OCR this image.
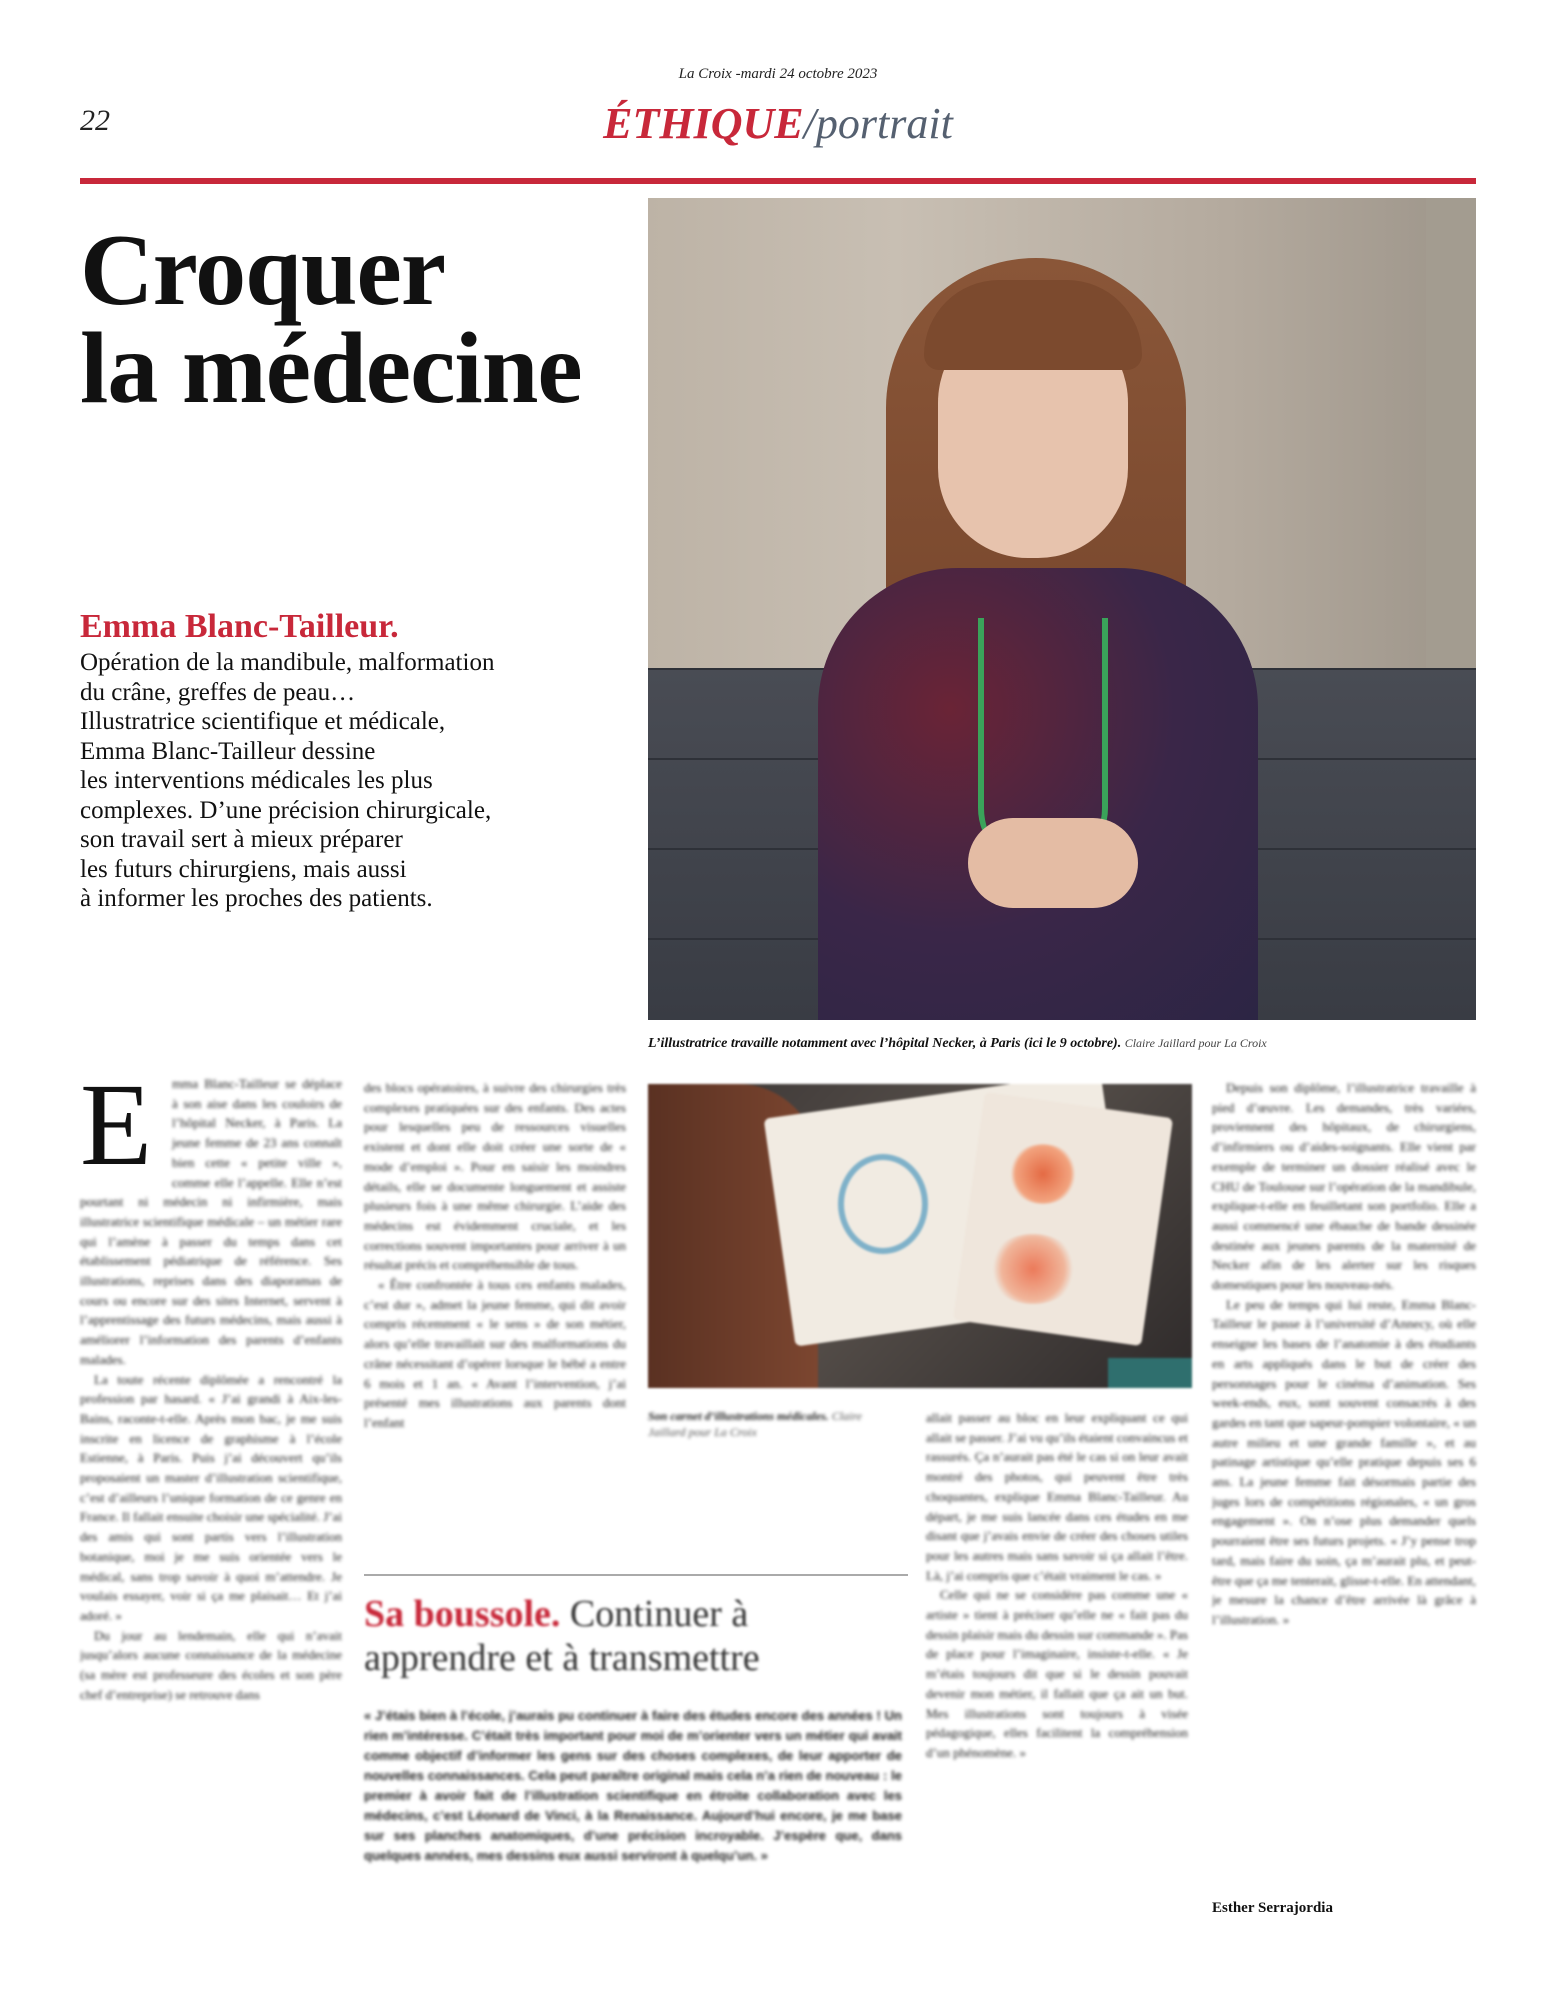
La Croix -mardi 24 octobre 2023
22	ÉTHIQUE/portrait
Croquer
la médecine
Emma Blanc-Tailleur.
Opération de la mandibule, malformation
du crâne, greffes de peau…
Illustratrice scientifique et médicale,
Emma Blanc-Tailleur dessine
les interventions médicales les plus
complexes. D’une précision chirurgicale,
son travail sert à mieux préparer
les futurs chirurgiens, mais aussi
à informer les proches des patients.
L’illustratrice travaille notamment avec l’hôpital Necker, à Paris (ici le 9 octobre). Claire Jaillard pour La Croix
Son carnet d’illustrations médicales. Claire Jaillard pour La Croix
E	mma Blanc-Tailleur se déplace à son aise dans les couloirs de l’hôpital Necker, à Paris. La jeune femme de 23 ans connaît bien cette « petite ville », comme elle l’appelle. Elle n’est pourtant ni médecin ni infirmière, mais illustratrice scientifique médicale – un métier rare qui l’amène à passer du temps dans cet établissement pédiatrique de référence. Ses illustrations, reprises dans des diaporamas de cours ou encore sur des sites Internet, servent à l’apprentissage des futurs médecins, mais aussi à améliorer l’information des parents d’enfants malades.

La toute récente diplômée a rencontré la profession par hasard. « J’ai grandi à Aix-les-Bains, raconte-t-elle. Après mon bac, je me suis inscrite en licence de graphisme à l’école Estienne, à Paris. Puis j’ai découvert qu’ils proposaient un master d’illustration scientifique, c’est d’ailleurs l’unique formation de ce genre en France. Il fallait ensuite choisir une spécialité. J’ai des amis qui sont partis vers l’illustration botanique, moi je me suis orientée vers le médical, sans trop savoir à quoi m’attendre. Je voulais essayer, voir si ça me plaisait… Et j’ai adoré. »

Du jour au lendemain, elle qui n’avait jusqu’alors aucune connaissance de la médecine (sa mère est professeure des écoles et son père chef d’entreprise) se retrouve dans

des blocs opératoires, à suivre des chirurgies très complexes pratiquées sur des enfants. Des actes pour lesquelles peu de ressources visuelles existent et dont elle doit créer une sorte de « mode d’emploi ». Pour en saisir les moindres détails, elle se documente longuement et assiste plusieurs fois à une même chirurgie. L’aide des médecins est évidemment cruciale, et les corrections souvent importantes pour arriver à un résultat précis et compréhensible de tous.

« Être confrontée à tous ces enfants malades, c’est dur », admet la jeune femme, qui dit avoir compris récemment « le sens » de son métier, alors qu’elle travaillait sur des malformations du crâne nécessitant d’opérer lorsque le bébé a entre 6 mois et 1 an. « Avant l’intervention, j’ai présenté mes illustrations aux parents dont l’enfant

Sa boussole. Continuer à apprendre et à transmettre
« J’étais bien à l’école, j’aurais pu continuer à faire des études encore des années ! Un rien m’intéresse. C’était très important pour moi de m’orienter vers un métier qui avait comme objectif d’informer les gens sur des choses complexes, de leur apporter de nouvelles connaissances. Cela peut paraître original mais cela n’a rien de nouveau : le premier à avoir fait de l’illustration scientifique en étroite collaboration avec les médecins, c’est Léonard de Vinci, à la Renaissance. Aujourd’hui encore, je me base sur ses planches anatomiques, d’une précision incroyable. J’espère que, dans quelques années, mes dessins eux aussi serviront à quelqu’un. »

allait passer au bloc en leur expliquant ce qui allait se passer. J’ai vu qu’ils étaient convaincus et rassurés. Ça n’aurait pas été le cas si on leur avait montré des photos, qui peuvent être très choquantes, explique Emma Blanc-Tailleur. Au départ, je me suis lancée dans ces études en me disant que j’avais envie de créer des choses utiles pour les autres mais sans savoir si ça allait l’être. Là, j’ai compris que c’était vraiment le cas. »

Celle qui ne se considère pas comme une « artiste » tient à préciser qu’elle ne « fait pas du dessin plaisir mais du dessin sur commande ». Pas de place pour l’imaginaire, insiste-t-elle. « Je m’étais toujours dit que si le dessin pouvait devenir mon métier, il fallait que ça ait un but. Mes illustrations sont toujours à visée pédagogique, elles facilitent la compréhension d’un phénomène. »

Depuis son diplôme, l’illustratrice travaille à pied d’œuvre. Les demandes, très variées, proviennent des hôpitaux, de chirurgiens, d’infirmiers ou d’aides-soignants. Elle vient par exemple de terminer un dossier réalisé avec le CHU de Toulouse sur l’opération de la mandibule, explique-t-elle en feuilletant son portfolio. Elle a aussi commencé une ébauche de bande dessinée destinée aux jeunes parents de la maternité de Necker afin de les alerter sur les risques domestiques pour les nouveau-nés.

Le peu de temps qui lui reste, Emma Blanc-Tailleur le passe à l’université d’Annecy, où elle enseigne les bases de l’anatomie à des étudiants en arts appliqués dans le but de créer des personnages pour le cinéma d’animation. Ses week-ends, eux, sont souvent consacrés à des gardes en tant que sapeur-pompier volontaire, « un autre milieu et une grande famille », et au patinage artistique qu’elle pratique depuis ses 6 ans. La jeune femme fait désormais partie des juges lors de compétitions régionales, « un gros engagement ». On n’ose plus demander quels pourraient être ses futurs projets. « J’y pense trop tard, mais faire du soin, ça m’aurait plu, et peut-être que ça me tenterait, glisse-t-elle. En attendant, je mesure la chance d’être arrivée là grâce à l’illustration. »

Esther Serrajordia
